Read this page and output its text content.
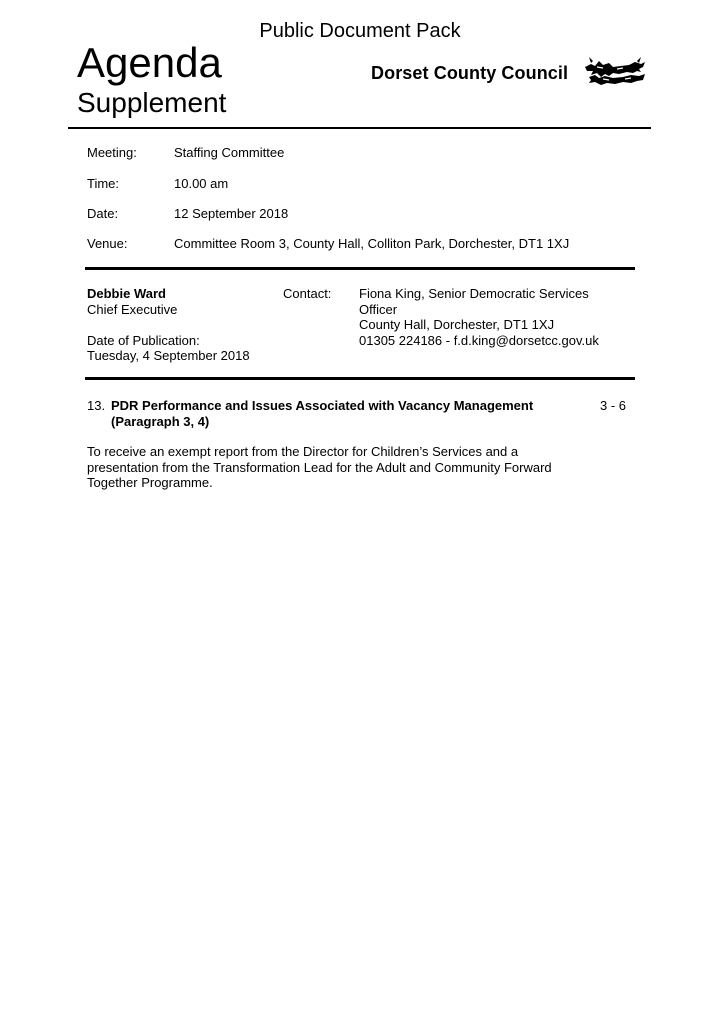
Public Document Pack
Agenda
Supplement
Dorset County Council
Meeting:	Staffing Committee
Time:	10.00 am
Date:	12 September 2018
Venue:	Committee Room 3, County Hall, Colliton Park, Dorchester, DT1 1XJ
Debbie Ward
Chief Executive
Date of Publication:
Tuesday, 4 September 2018
Contact: Fiona King, Senior Democratic Services
Officer
County Hall, Dorchester, DT1 1XJ
01305 224186 - f.d.king@dorsetcc.gov.uk
13. PDR Performance and Issues Associated with Vacancy Management
(Paragraph 3, 4)
3 - 6
To receive an exempt report from the Director for Children’s Services and a
presentation from the Transformation Lead for the Adult and Community Forward
Together Programme.
